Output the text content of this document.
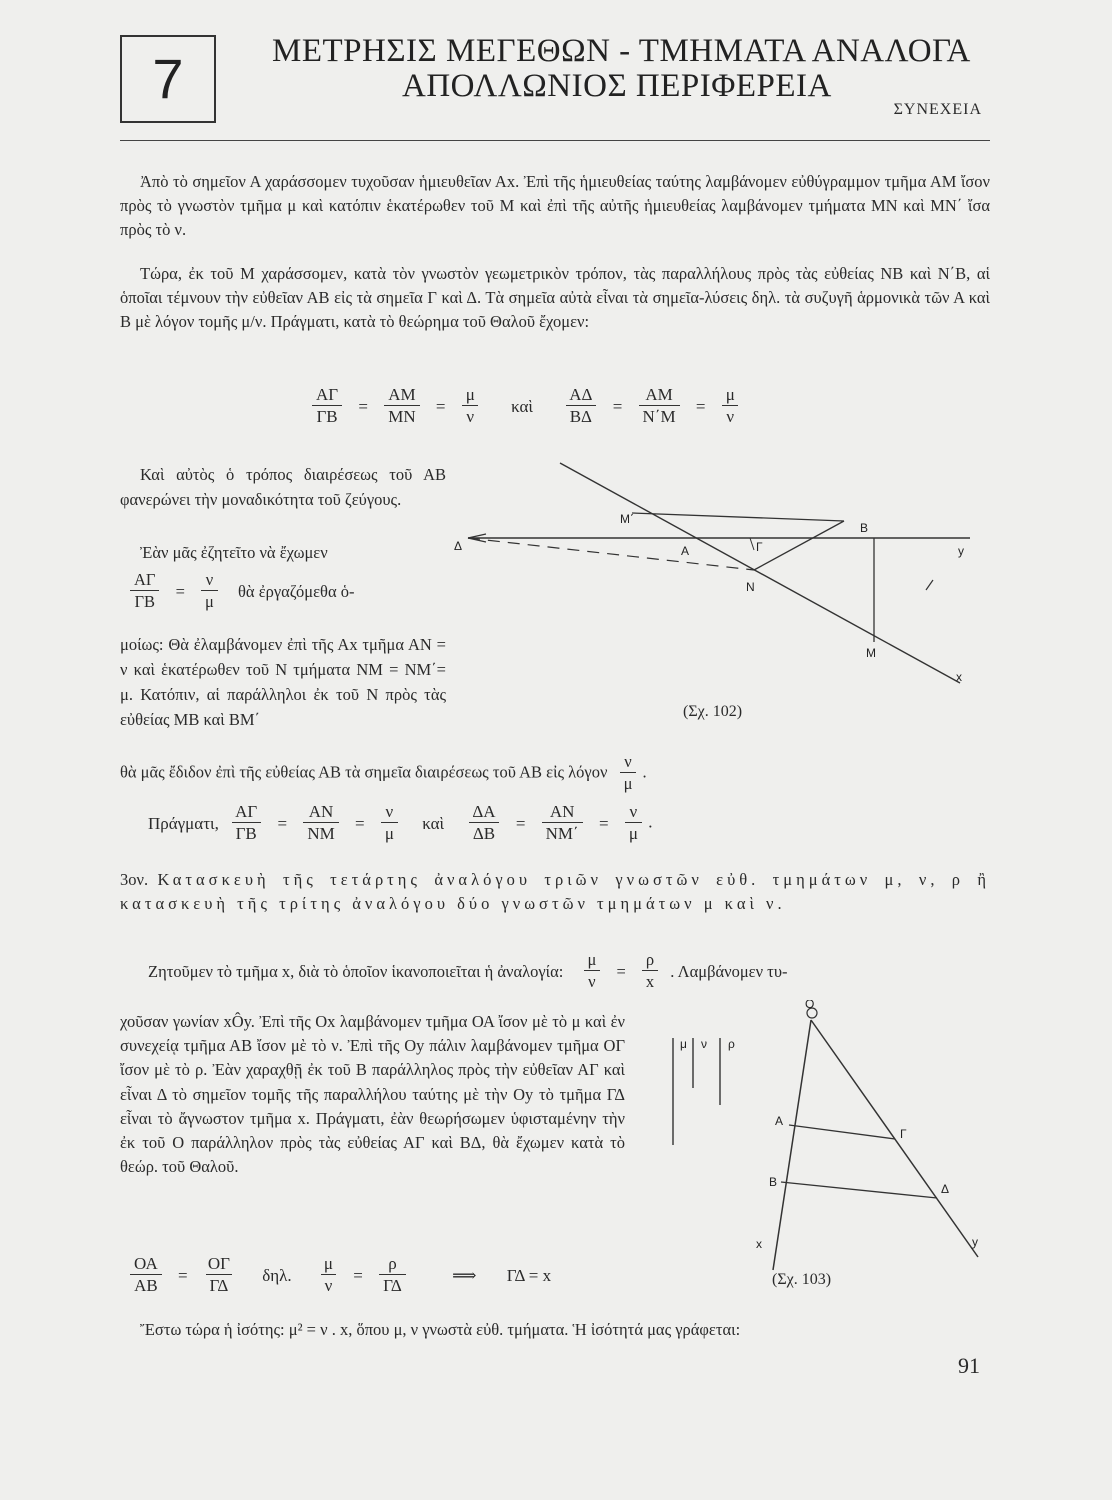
7	ΜΕΤΡΗΣΙΣ ΜΕΓΕΘΩΝ - ΤΜΗΜΑΤΑ ΑΝΑΛΟΓΑ
ΑΠΟΛΛΩΝΙΟΣ ΠΕΡΙΦΕΡΕΙΑ
ΣΥΝΕΧΕΙΑ
Ἀπὸ τὸ σημεῖον Α χαράσσομεν τυχοῦσαν ἡμιευθεῖαν Αx. Ἐπὶ τῆς ἡμιευθείας ταύτης λαμβάνομεν εὐθύγραμμον τμῆμα ΑΜ ἴσον πρὸς τὸ γνωστὸν τμῆμα μ καὶ κατόπιν ἑκατέρωθεν τοῦ Μ καὶ ἐπὶ τῆς αὐτῆς ἡμιευθείας λαμβάνομεν τμήματα ΜΝ καὶ ΜΝ΄ ἴσα πρὸς τὸ ν.
Τώρα, ἐκ τοῦ Μ χαράσσομεν, κατὰ τὸν γνωστὸν γεωμετρικὸν τρόπον, τὰς παραλλήλους πρὸς τὰς εὐθείας ΝΒ καὶ Ν΄Β, αἱ ὁποῖαι τέμνουν τὴν εὐθεῖαν ΑΒ εἰς τὰ σημεῖα Γ καὶ Δ. Τὰ σημεῖα αὐτὰ εἶναι τὰ σημεῖα-λύσεις δηλ. τὰ συζυγῆ ἁρμονικὰ τῶν Α καὶ Β μὲ λόγον τομῆς μ/ν. Πράγματι, κατὰ τὸ θεώρημα τοῦ Θαλοῦ ἔχομεν:
$\frac{A\Gamma}{\Gamma B} = \frac{AM}{MN} = \frac{\mu}{\nu}$ καὶ $\frac{A\Delta}{B\Delta} = \frac{AM}{N΄M} = \frac{\mu}{\nu}$
Καὶ αὐτὸς ὁ τρόπος διαιρέσεως τοῦ ΑΒ φανερώνει τὴν μοναδικότητα τοῦ ζεύγους.
Ἐὰν μᾶς ἐζητεῖτο νὰ ἔχωμεν
$\frac{A\Gamma}{\Gamma B} = \frac{\nu}{\mu}$ θὰ ἐργαζόμεθα ὁ-
μοίως: Θὰ ἐλαμβάνομεν ἐπὶ τῆς Αx τμῆμα ΑΝ = ν καὶ ἑκατέρωθεν τοῦ Ν τμήματα ΝΜ = ΝΜ΄= μ. Κατόπιν, αἱ παράλληλοι ἐκ τοῦ Ν πρὸς τὰς εὐθείας ΜΒ καὶ ΒΜ΄
Μ΄
Β
Δ	Α	Γ	y
Ν
Μ
x
(Σχ. 102)
θὰ μᾶς ἔδιδον ἐπὶ τῆς εὐθείας ΑΒ τὰ σημεῖα διαιρέσεως τοῦ ΑΒ εἰς λόγον $\frac{\nu}{\mu}$ .
Πράγματι, $\frac{A\Gamma}{\Gamma B} = \frac{AN}{NM} = \frac{\nu}{\mu}$ καὶ $\frac{\Delta A}{\Delta B} = \frac{AN}{NM΄} = \frac{\nu}{\mu}$ .
3ον. Κατασκευὴ τῆς τετάρτης ἀναλόγου τριῶν γνωστῶν εὐθ. τμημάτων μ, ν, ρ ἢ κατασκευὴ τῆς τρίτης ἀναλόγου δύο γνωστῶν τμημάτων μ καὶ ν.
Ζητοῦμεν τὸ τμῆμα x, διὰ τὸ ὁποῖον ἱκανοποιεῖται ἡ ἀναλογία: $\frac{\mu}{\nu} = \frac{\rho}{x}$ . Λαμβάνομεν τυ-
χοῦσαν γωνίαν xÔy. Ἐπὶ τῆς Οx λαμβάνομεν τμῆμα ΟΑ ἴσον μὲ τὸ μ καὶ ἐν συνεχείᾳ τμῆμα ΑΒ ἴσον μὲ τὸ ν. Ἐπὶ τῆς Οy πάλιν λαμβάνομεν τμῆμα ΟΓ ἴσον μὲ τὸ ρ. Ἐὰν χαραχθῇ ἐκ τοῦ Β παράλληλος πρὸς τὴν εὐθεῖαν ΑΓ καὶ εἶναι Δ τὸ σημεῖον τομῆς τῆς παραλλήλου ταύτης μὲ τὴν Οy τὸ τμῆμα ΓΔ εἶναι τὸ ἄγνωστον τμῆμα x. Πράγματι, ἐὰν θεωρήσωμεν ὑφισταμένην τὴν ἐκ τοῦ Ο παράλληλον πρὸς τὰς εὐθείας ΑΓ καὶ ΒΔ, θὰ ἔχωμεν κατὰ τὸ θεώρ. τοῦ Θαλοῦ.
$\frac{OA}{AB} = \frac{O\Gamma}{\Gamma\Delta} \delta\eta\lambda$. $\frac{\mu}{\nu} = \frac{\rho}{\Gamma\Delta}$	⟹ ΓΔ = x
μ ν ρ
Ο
Α
Γ
Β	Δ
x	y
(Σχ. 103)
Ἔστω τώρα ἡ ἰσότης: μ² = ν . x, ὅπου μ, ν γνωστὰ εὐθ. τμήματα. Ἡ ἰσότητά μας γράφεται:
91
